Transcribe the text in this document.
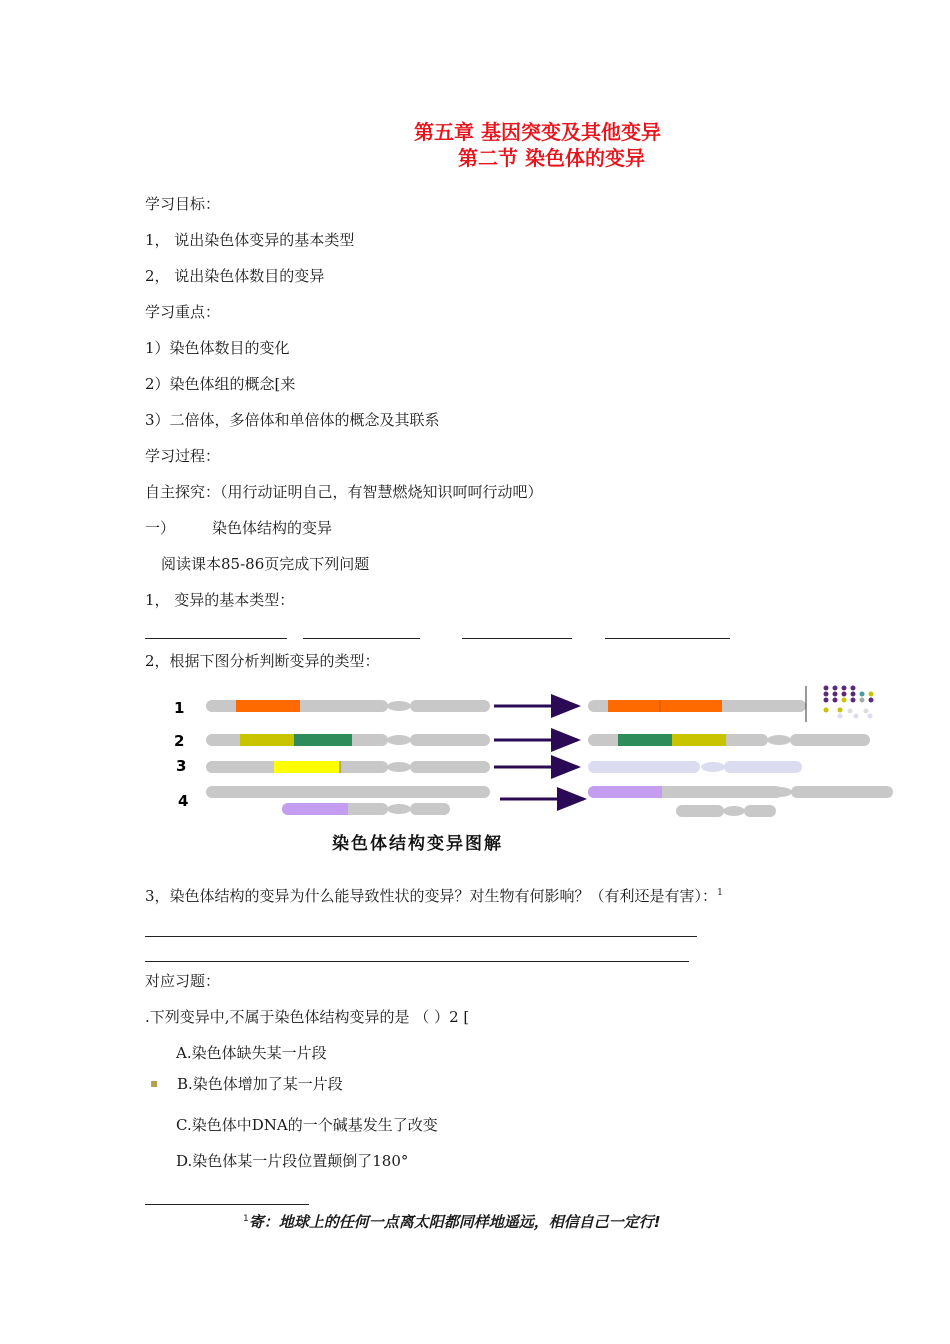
第五章 基因突变及其他变异
第二节 染色体的变异
学习目标：
1， 说出染色体变异的基本类型
2， 说出染色体数目的变异
学习重点：
1）染色体数目的变化
2）染色体组的概念[来
3）二倍体，多倍体和单倍体的概念及其联系
学习过程：
自主探究：（用行动证明自己，有智慧燃烧知识呵呵行动吧）
一） 染色体结构的变异
阅读课本85-86页完成下列问题
1， 变异的基本类型：
2，根据下图分析判断变异的类型：
1
2
3
4
染色体结构变异图解
3，染色体结构的变异为什么能导致性状的变异？对生物有何影响？（有利还是有害）：$^1$
对应习题：
.下列变异中,不属于染色体结构变异的是 （ ）2 [
A.染色体缺失某一片段
▪ B.染色体增加了某一片段
C.染色体中DNA的一个碱基发生了改变
D.染色体某一片段位置颠倒了180°
$^1$寄：地球上的任何一点离太阳都同样地遥远，相信自己一定行!
